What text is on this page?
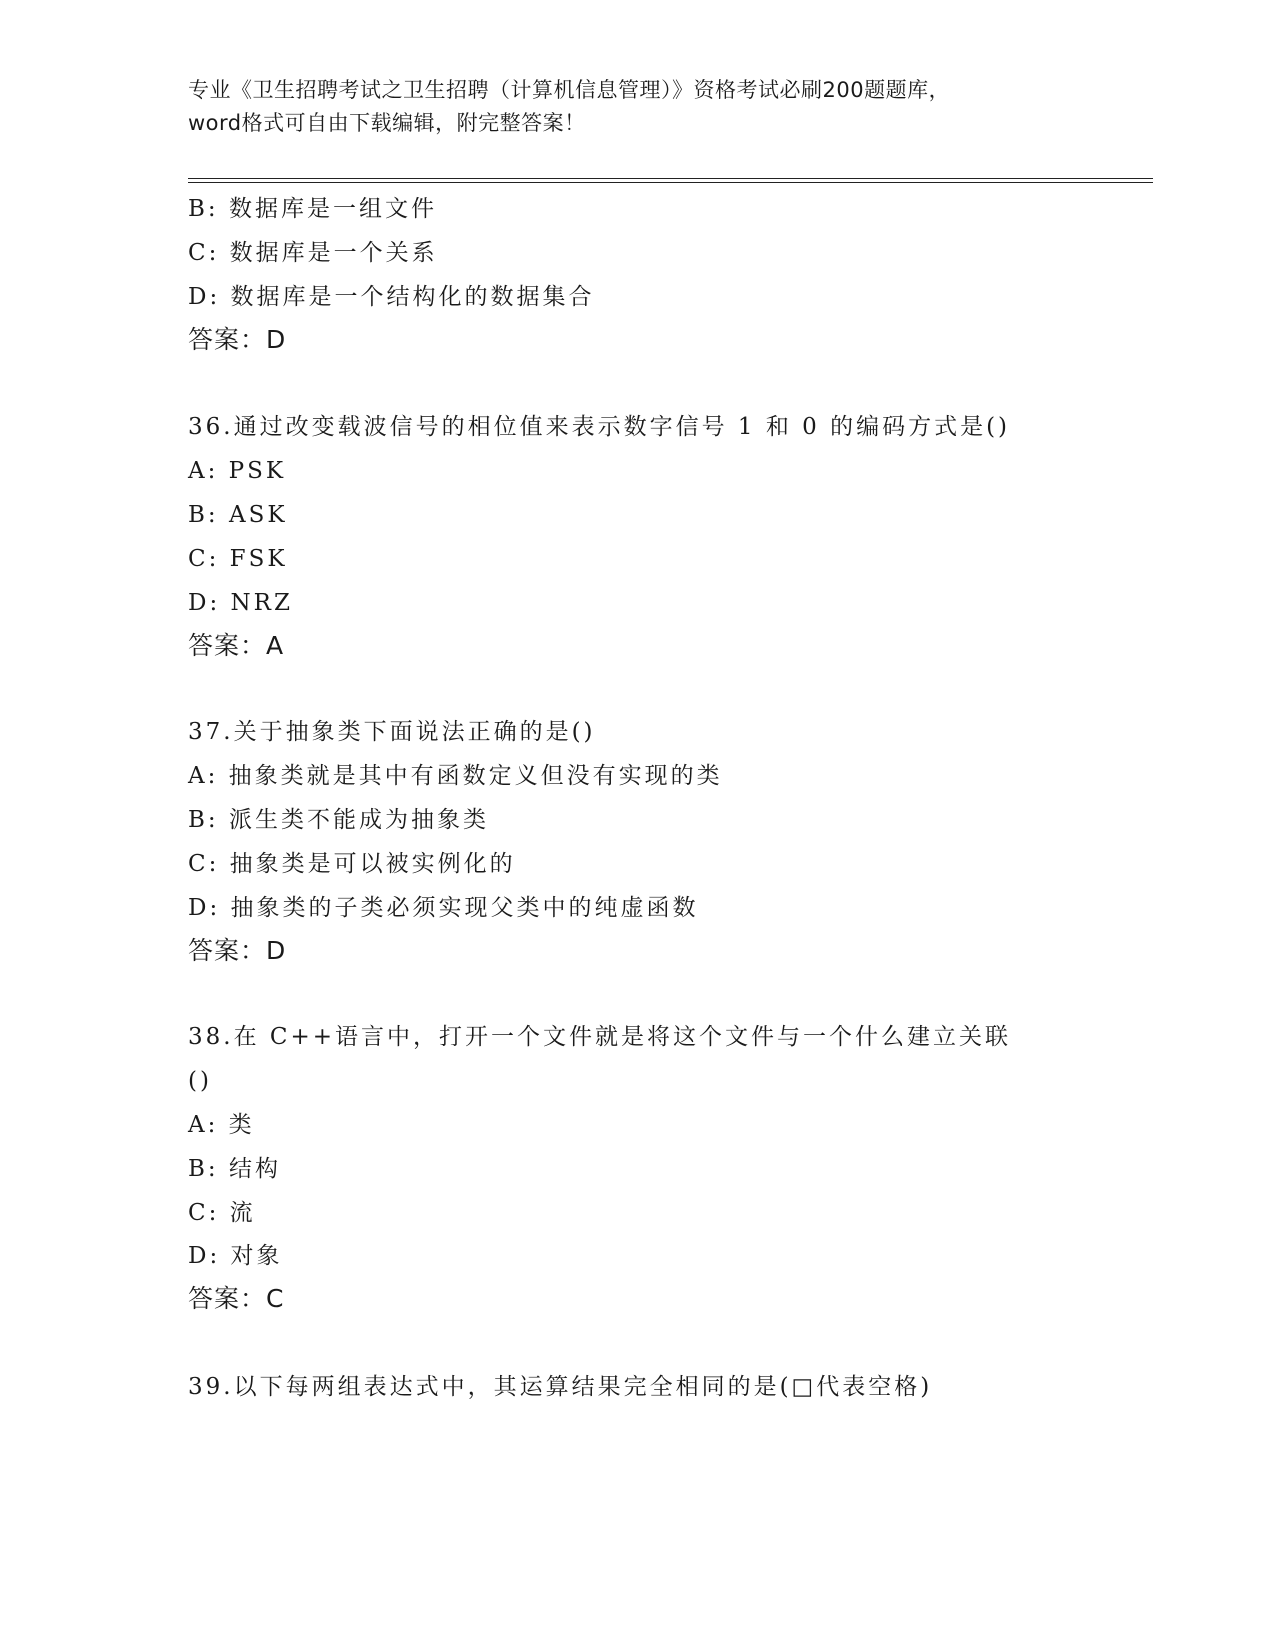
专业《卫生招聘考试之卫生招聘（计算机信息管理）》资格考试必刷200题题库，
word格式可自由下载编辑，附完整答案！
B: 数据库是一组文件
C: 数据库是一个关系
D: 数据库是一个结构化的数据集合
答案：D
36.通过改变载波信号的相位值来表示数字信号 1 和 0 的编码方式是()
A: PSK
B: ASK
C: FSK
D: NRZ
答案：A
37.关于抽象类下面说法正确的是()
A: 抽象类就是其中有函数定义但没有实现的类
B: 派生类不能成为抽象类
C: 抽象类是可以被实例化的
D: 抽象类的子类必须实现父类中的纯虚函数
答案：D
38.在 C++语言中，打开一个文件就是将这个文件与一个什么建立关联
()
A: 类
B: 结构
C: 流
D: 对象
答案：C
39.以下每两组表达式中，其运算结果完全相同的是(□代表空格)
